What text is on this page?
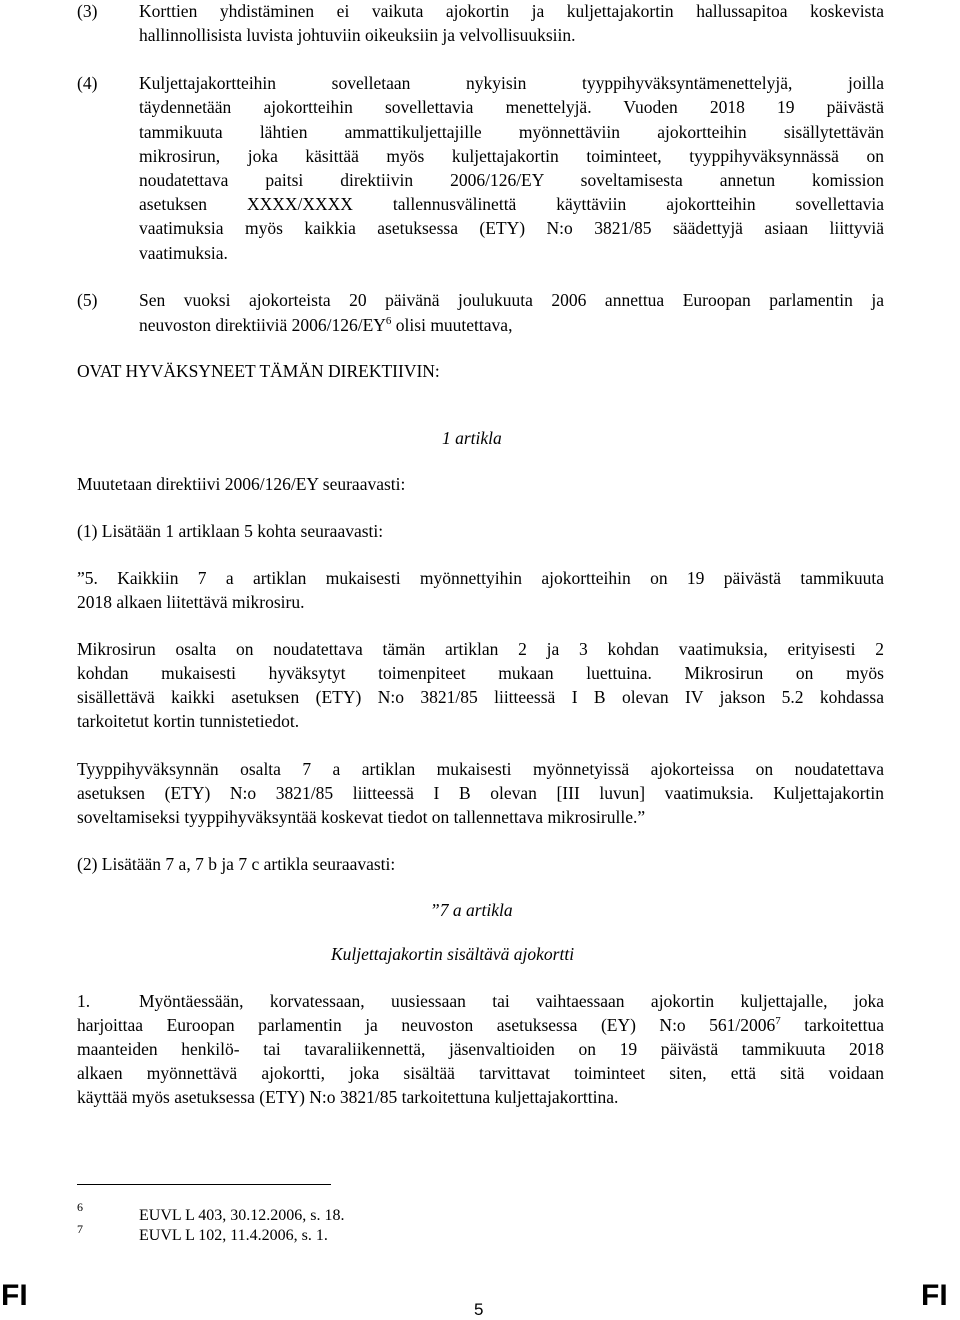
(3) Korttien yhdistäminen ei vaikuta ajokortin ja kuljettajakortin hallussapitoa koskevista
hallinnollisista luvista johtuviin oikeuksiin ja velvollisuuksiin.
(4) Kuljettajakortteihin sovelletaan nykyisin tyyppihyväksyntämenettelyjä, joilla
täydennetään ajokortteihin sovellettavia menettelyjä. Vuoden 2018 19 päivästä
tammikuuta lähtien ammattikuljettajille myönnettäviin ajokortteihin sisällytettävän
mikrosirun, joka käsittää myös kuljettajakortin toiminteet, tyyppihyväksynnässä on
noudatettava paitsi direktiivin 2006/126/EY soveltamisesta annetun komission
asetuksen XXXX/XXXX tallennusvälinettä käyttäviin ajokortteihin sovellettavia
vaatimuksia myös kaikkia asetuksessa (ETY) N:o 3821/85 säädettyjä asiaan liittyviä
vaatimuksia.
(5) Sen vuoksi ajokorteista 20 päivänä joulukuuta 2006 annettua Euroopan parlamentin ja
neuvoston direktiiviä $2006/126/EY^6$ olisi muutettava,
OVAT HYVÄKSYNEET TÄMÄN DIREKTIIVIN:
1 artikla
Muutetaan direktiivi 2006/126/EY seuraavasti:
(1) Lisätään 1 artiklaan 5 kohta seuraavasti:
”5. Kaikkiin 7 a artiklan mukaisesti myönnettyihin ajokortteihin on 19 päivästä tammikuuta
2018 alkaen liitettävä mikrosiru.
Mikrosirun osalta on noudatettava tämän artiklan 2 ja 3 kohdan vaatimuksia, erityisesti 2
kohdan mukaisesti hyväksytyt toimenpiteet mukaan luettuina. Mikrosirun on myös
sisällettävä kaikki asetuksen (ETY) N:o 3821/85 liitteessä I B olevan IV jakson 5.2 kohdassa
tarkoitetut kortin tunnistetiedot.
Tyyppihyväksynnän osalta 7 a artiklan mukaisesti myönnetyissä ajokorteissa on noudatettava
asetuksen (ETY) N:o 3821/85 liitteessä I B olevan [III luvun] vaatimuksia. Kuljettajakortin
soveltamiseksi tyyppihyväksyntää koskevat tiedot on tallennettava mikrosirulle.”
(2) Lisätään 7 a, 7 b ja 7 c artikla seuraavasti:
”7 a artikla
Kuljettajakortin sisältävä ajokortti
1.	Myöntäessään, korvatessaan, uusiessaan tai vaihtaessaan ajokortin kuljettajalle, joka
harjoittaa Euroopan parlamentin ja neuvoston asetuksessa (EY) N:o 561/2006$^7$ tarkoitettua
maanteiden henkilö- tai tavaraliikennettä, jäsenvaltioiden on 19 päivästä tammikuuta 2018
alkaen myönnettävä ajokortti, joka sisältää tarvittavat toiminteet siten, että sitä voidaan
käyttää myös asetuksessa (ETY) N:o 3821/85 tarkoitettuna kuljettajakorttina.
6	EUVL L 403, 30.12.2006, s. 18.
7	EUVL L 102, 11.4.2006, s. 1.
FI	5	FI
